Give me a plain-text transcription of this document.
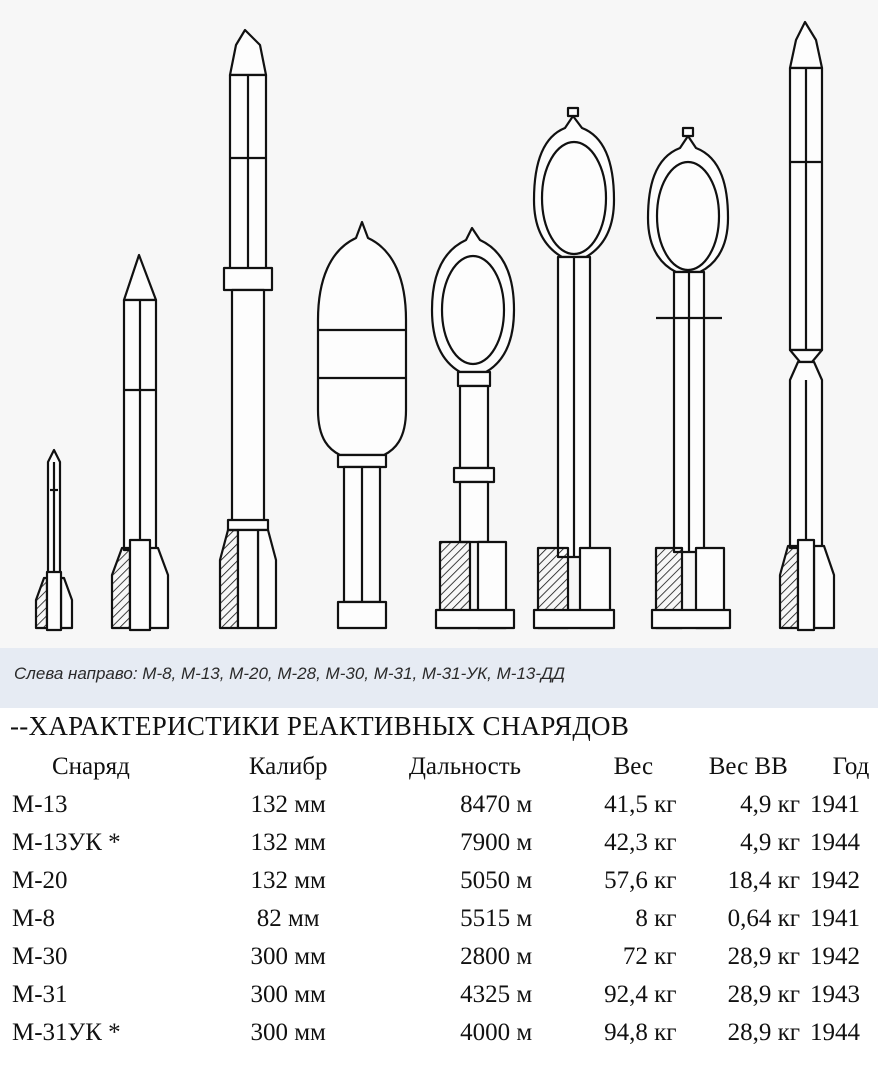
Слева направо: М-8, М-13, М-20, М-28, М-30, М-31, М-31-УК, М-13-ДД

--ХАРАКТЕРИСТИКИ РЕАКТИВНЫХ СНАРЯДОВ
Снаряд	Калибр	Дальность	Вес	Вес ВВ	Год
М-13	132 мм	8470 м	41,5 кг	4,9 кг	1941
М-13УК *	132 мм	7900 м	42,3 кг	4,9 кг	1944
М-20	132 мм	5050 м	57,6 кг	18,4 кг	1942
М-8	82 мм	5515 м	8 кг	0,64 кг	1941
М-30	300 мм	2800 м	72 кг	28,9 кг	1942
М-31	300 мм	4325 м	92,4 кг	28,9 кг	1943
М-31УК *	300 мм	4000 м	94,8 кг	28,9 кг	1944
